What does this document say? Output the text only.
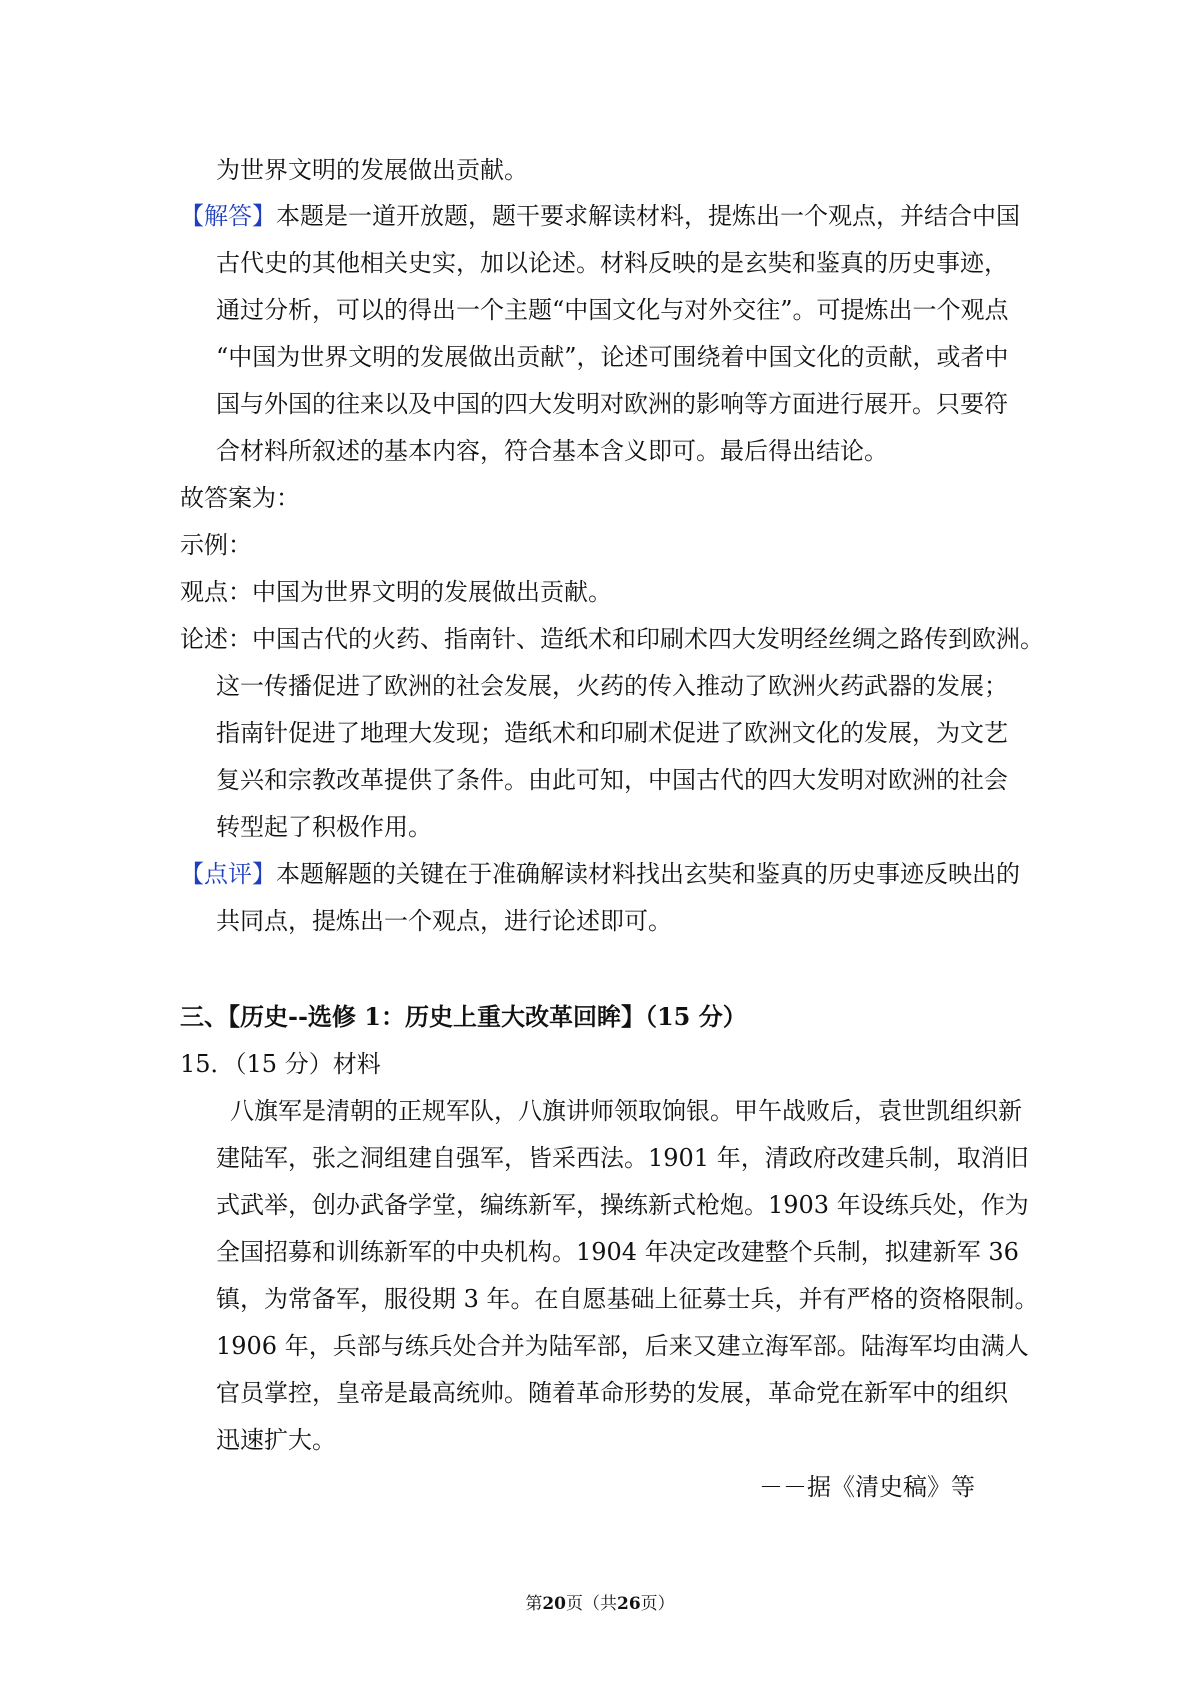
为世界文明的发展做出贡献。
【解答】本题是一道开放题，题干要求解读材料，提炼出一个观点，并结合中国
古代史的其他相关史实，加以论述。材料反映的是玄奘和鉴真的历史事迹，
通过分析，可以的得出一个主题“中国文化与对外交往”。可提炼出一个观点
“中国为世界文明的发展做出贡献”，论述可围绕着中国文化的贡献，或者中
国与外国的往来以及中国的四大发明对欧洲的影响等方面进行展开。只要符
合材料所叙述的基本内容，符合基本含义即可。最后得出结论。
故答案为：
示例：
观点：中国为世界文明的发展做出贡献。
论述：中国古代的火药、指南针、造纸术和印刷术四大发明经丝绸之路传到欧洲。
这一传播促进了欧洲的社会发展，火药的传入推动了欧洲火药武器的发展；
指南针促进了地理大发现；造纸术和印刷术促进了欧洲文化的发展，为文艺
复兴和宗教改革提供了条件。由此可知，中国古代的四大发明对欧洲的社会
转型起了积极作用。
【点评】本题解题的关键在于准确解读材料找出玄奘和鉴真的历史事迹反映出的
共同点，提炼出一个观点，进行论述即可。
三、【历史--选修 1：历史上重大改革回眸】（15 分）
15．（15 分）材料
八旗军是清朝的正规军队，八旗讲师领取饷银。甲午战败后，袁世凯组织新
建陆军，张之洞组建自强军，皆采西法。1901 年，清政府改建兵制，取消旧
式武举，创办武备学堂，编练新军，操练新式枪炮。1903 年设练兵处，作为
全国招募和训练新军的中央机构。1904 年决定改建整个兵制，拟建新军 36
镇，为常备军，服役期 3 年。在自愿基础上征募士兵，并有严格的资格限制。
1906 年，兵部与练兵处合并为陆军部，后来又建立海军部。陆海军均由满人
官员掌控，皇帝是最高统帅。随着革命形势的发展，革命党在新军中的组织
迅速扩大。
－－据《清史稿》等
第20页（共26页）
